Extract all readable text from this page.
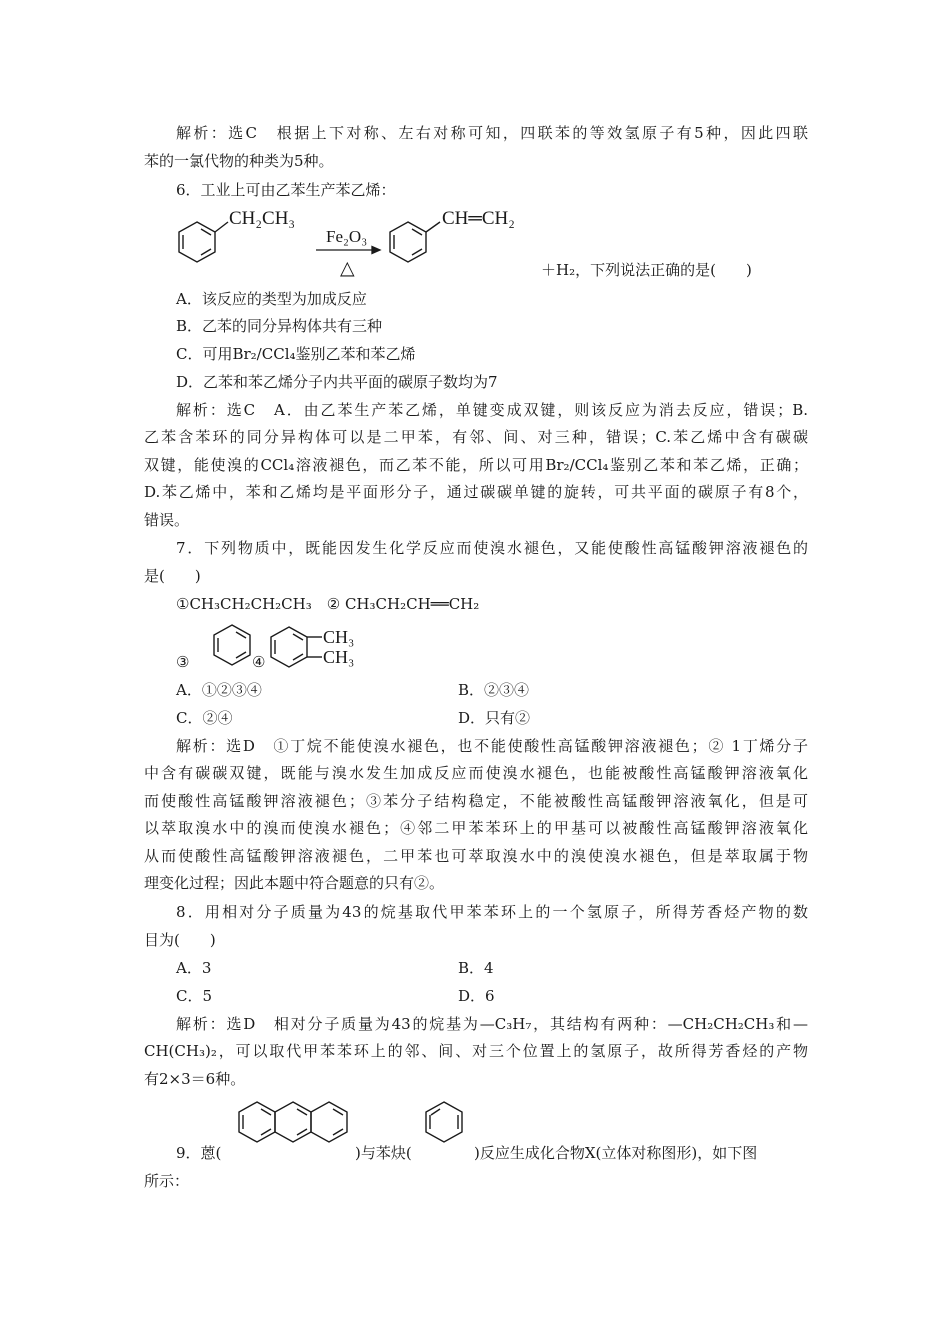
解析：选C　根据上下对称、左右对称可知，四联苯的等效氢原子有5种，因此四联
苯的一氯代物的种类为5种。
6．工业上可由乙苯生产苯乙烯：
CH₂CH₃
Fe₂O₃
△
CH═CH₂
＋H₂，下列说法正确的是(　　)
A．该反应的类型为加成反应
B．乙苯的同分异构体共有三种
C．可用Br₂/CCl₄鉴别乙苯和苯乙烯
D．乙苯和苯乙烯分子内共平面的碳原子数均为7
解析：选C　A．由乙苯生产苯乙烯，单键变成双键，则该反应为消去反应，错误；B.
乙苯含苯环的同分异构体可以是二甲苯，有邻、间、对三种，错误；C.苯乙烯中含有碳碳
双键，能使溴的CCl₄溶液褪色，而乙苯不能，所以可用Br₂/CCl₄鉴别乙苯和苯乙烯，正确；
D.苯乙烯中，苯和乙烯均是平面形分子，通过碳碳单键的旋转，可共平面的碳原子有8个，
错误。
7．下列物质中，既能因发生化学反应而使溴水褪色，又能使酸性高锰酸钾溶液褪色的
是(　　)
①CH₃CH₂CH₂CH₃　② CH₃CH₂CH══CH₂
③	④
CH₃
CH₃
A．①②③④	B．②③④
C．②④	D．只有②
解析：选D　①丁烷不能使溴水褪色，也不能使酸性高锰酸钾溶液褪色；② 1丁烯分子
中含有碳碳双键，既能与溴水发生加成反应而使溴水褪色，也能被酸性高锰酸钾溶液氧化
而使酸性高锰酸钾溶液褪色；③苯分子结构稳定，不能被酸性高锰酸钾溶液氧化，但是可
以萃取溴水中的溴而使溴水褪色；④邻二甲苯苯环上的甲基可以被酸性高锰酸钾溶液氧化
从而使酸性高锰酸钾溶液褪色，二甲苯也可萃取溴水中的溴使溴水褪色，但是萃取属于物
理变化过程；因此本题中符合题意的只有②。
8．用相对分子质量为43的烷基取代甲苯苯环上的一个氢原子，所得芳香烃产物的数
目为(　　)
A．3	B．4
C．5	D．6
解析：选D　相对分子质量为43的烷基为—C₃H₇，其结构有两种：—CH₂CH₂CH₃和—
CH(CH₃)₂，可以取代甲苯苯环上的邻、间、对三个位置上的氢原子，故所得芳香烃的产物
有2×3＝6种。
9．蒽(	)与苯炔(	)反应生成化合物X(立体对称图形)，如下图
所示：
